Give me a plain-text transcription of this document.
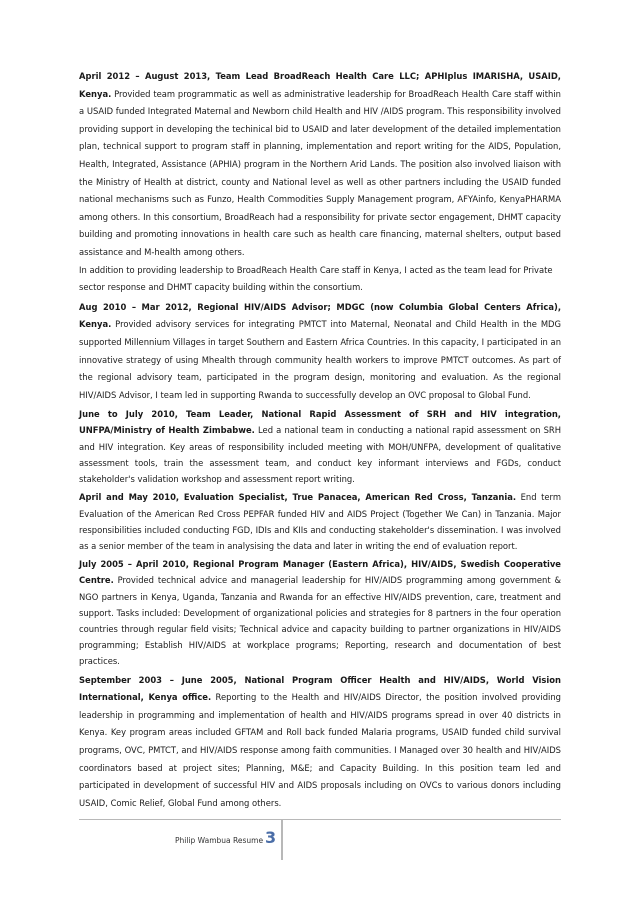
April 2012 – August 2013, Team Lead BroadReach Health Care LLC; APHIplus IMARISHA, USAID, Kenya. Provided team programmatic as well as administrative leadership for BroadReach Health Care staff within a USAID funded Integrated Maternal and Newborn child Health and HIV /AIDS program. This responsibility involved providing support in developing the techinical bid to USAID and later development of the detailed implementation plan, technical support to program staff in planning, implementation and report writing for the AIDS, Population, Health, Integrated, Assistance (APHIA) program in the Northern Arid Lands. The position also involved liaison with the Ministry of Health at district, county and National level as well as other partners including the USAID funded national mechanisms such as Funzo, Health Commodities Supply Management program, AFYAinfo, KenyaPHARMA among others. In this consortium, BroadReach had a responsibility for private sector engagement, DHMT capacity building and promoting innovations in health care such as health care financing, maternal shelters, output based assistance and M-health among others.

In addition to providing leadership to BroadReach Health Care staff in Kenya, I acted as the team lead for Private sector response and DHMT capacity building within the consortium.

Aug 2010 – Mar 2012, Regional HIV/AIDS Advisor; MDGC (now Columbia Global Centers Africa), Kenya. Provided advisory services for integrating PMTCT into Maternal, Neonatal and Child Health in the MDG supported Millennium Villages in target Southern and Eastern Africa Countries. In this capacity, I participated in an innovative strategy of using Mhealth through community health workers to improve PMTCT outcomes. As part of the regional advisory team, participated in the program design, monitoring and evaluation. As the regional HIV/AIDS Advisor, I team led in supporting Rwanda to successfully develop an OVC proposal to Global Fund.

June to July 2010, Team Leader, National Rapid Assessment of SRH and HIV integration, UNFPA/Ministry of Health Zimbabwe. Led a national team in conducting a national rapid assessment on SRH and HIV integration. Key areas of responsibility included meeting with MOH/UNFPA, development of qualitative assessment tools, train the assessment team, and conduct key informant interviews and FGDs, conduct stakeholder's validation workshop and assessment report writing.

April and May 2010, Evaluation Specialist, True Panacea, American Red Cross, Tanzania. End term Evaluation of the American Red Cross PEPFAR funded HIV and AIDS Project (Together We Can) in Tanzania. Major responsibilities included conducting FGD, IDIs and KIIs and conducting stakeholder's dissemination. I was involved as a senior member of the team in analysising the data and later in writing the end of evaluation report.

July 2005 – April 2010, Regional Program Manager (Eastern Africa), HIV/AIDS, Swedish Cooperative Centre. Provided technical advice and managerial leadership for HIV/AIDS programming among government & NGO partners in Kenya, Uganda, Tanzania and Rwanda for an effective HIV/AIDS prevention, care, treatment and support. Tasks included: Development of organizational policies and strategies for 8 partners in the four operation countries through regular field visits; Technical advice and capacity building to partner organizations in HIV/AIDS programming; Establish HIV/AIDS at workplace programs; Reporting, research and documentation of best practices.

September 2003 – June 2005, National Program Officer Health and HIV/AIDS, World Vision International, Kenya office. Reporting to the Health and HIV/AIDS Director, the position involved providing leadership in programming and implementation of health and HIV/AIDS programs spread in over 40 districts in Kenya. Key program areas included GFTAM and Roll back funded Malaria programs, USAID funded child survival programs, OVC, PMTCT, and HIV/AIDS response among faith communities. I Managed over 30 health and HIV/AIDS coordinators based at project sites; Planning, M&E; and Capacity Building. In this position team led and participated in development of successful HIV and AIDS proposals including on OVCs to various donors including USAID, Comic Relief, Global Fund among others.

Philip Wambua Resume 3
